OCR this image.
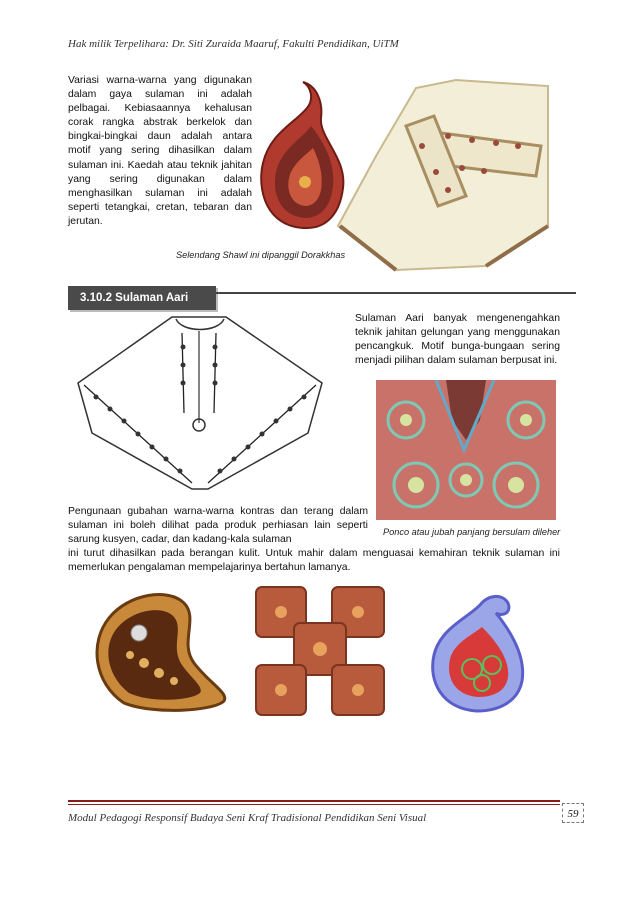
Hak milik Terpelihara: Dr. Siti Zuraida Maaruf, Fakulti Pendidikan, UiTM
Variasi warna-warna yang digunakan dalam gaya sulaman ini adalah pelbagai. Kebiasaannya kehalusan corak rangka abstrak berkelok dan bingkai-bingkai daun adalah antara motif yang sering dihasilkan dalam sulaman ini. Kaedah atau teknik jahitan yang sering digunakan dalam menghasilkan sulaman ini adalah seperti tetangkai, cretan, tebaran dan jerutan.
Selendang Shawl ini dipanggil Dorakkhas
3.10.2 Sulaman Aari
Sulaman Aari banyak mengenengahkan teknik jahitan gelungan yang menggunakan pencangkuk. Motif bunga-bungaan sering menjadi pilihan dalam sulaman berpusat ini.
Ponco atau jubah panjang bersulam dileher
Pengunaan gubahan warna-warna kontras dan terang dalam sulaman ini boleh dilihat pada produk perhiasan lain seperti sarung kusyen, cadar, dan kadang-kala sulaman
ini turut dihasilkan pada berangan kulit. Untuk mahir dalam menguasai kemahiran teknik sulaman ini memerlukan pengalaman mempelajarinya bertahun lamanya.
Modul Pedagogi Responsif Budaya Seni Kraf Tradisional Pendidikan Seni Visual	59
